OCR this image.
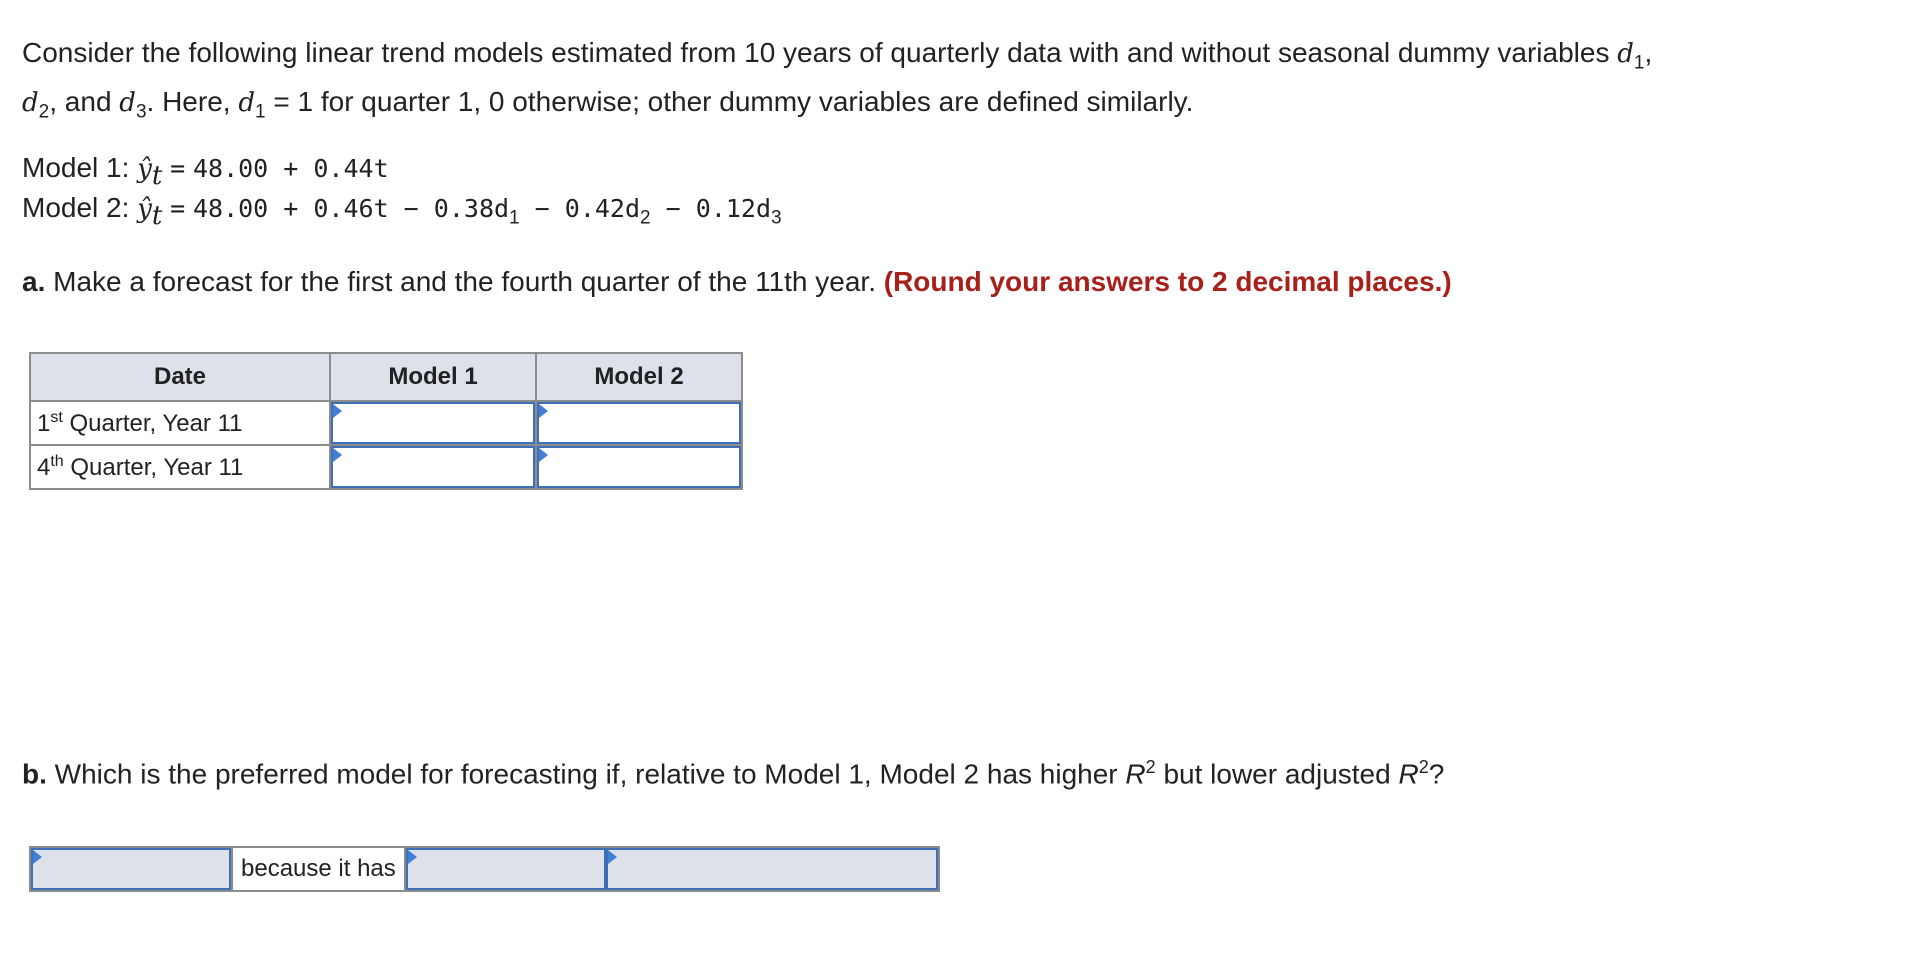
Consider the following linear trend models estimated from 10 years of quarterly data with and without seasonal dummy variables $d_1$,
$d_2$, and $d_3$. Here, $d_1 = 1$ for quarter 1, 0 otherwise; other dummy variables are defined similarly.
Model 1: $ŷ_t = 48.00 + 0.44t$
Model 2: $ŷ_t = 48.00 + 0.46t - 0.38d_1 - 0.42d_2 - 0.12d_3$
a. Make a forecast for the first and the fourth quarter of the 11th year. (Round your answers to 2 decimal places.)
Date	Model 1	Model 2
1st Quarter, Year 11	

4th Quarter, Year 11	

b. Which is the preferred model for forecasting if, relative to Model 1, Model 2 has higher $R^2$ but lower adjusted $R^2$?
because it has
